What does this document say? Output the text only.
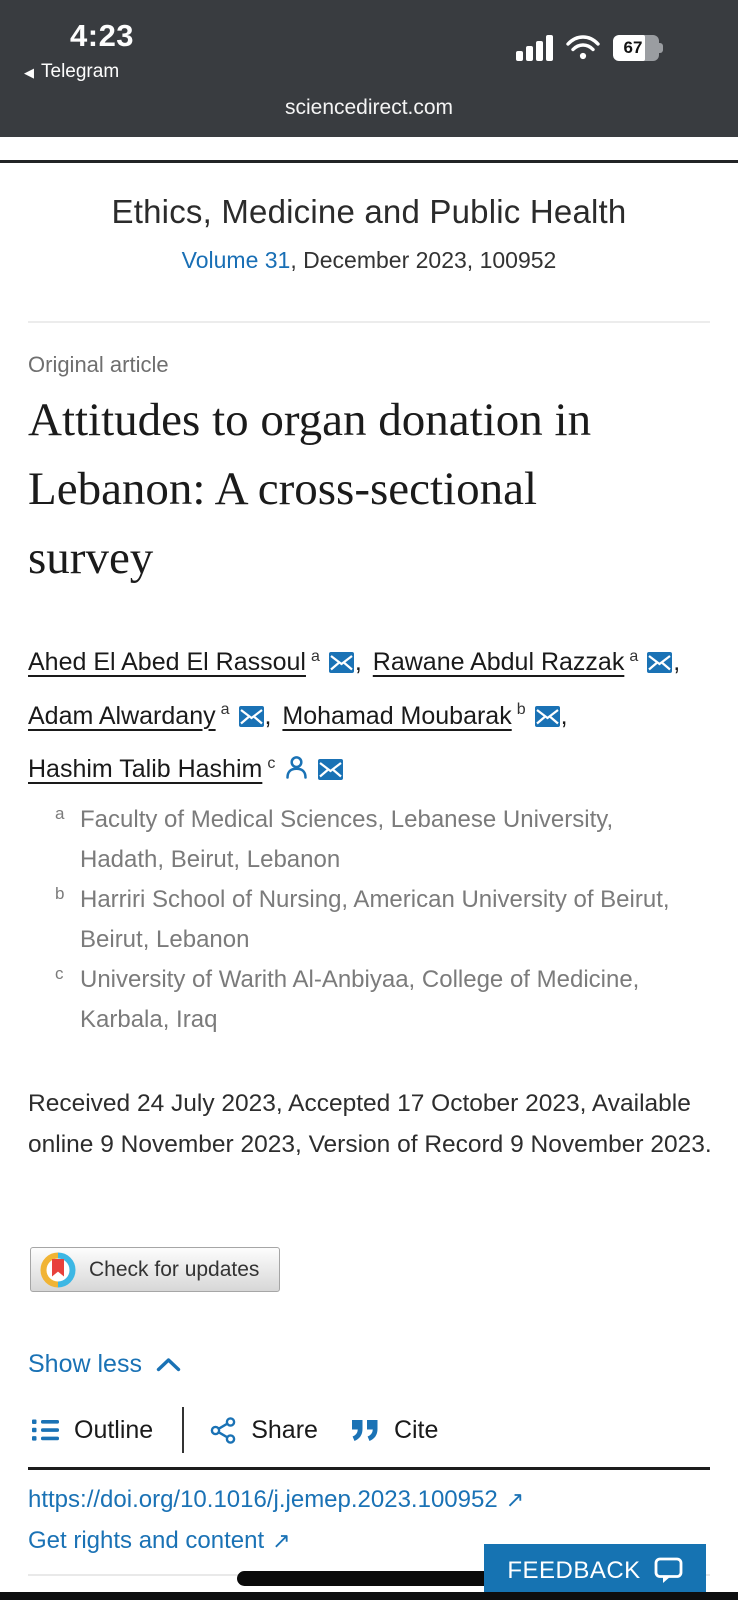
4:23
◀ Telegram
67
sciencedirect.com
Ethics, Medicine and Public Health
Volume 31, December 2023, 100952
Original article
Attitudes to organ donation in Lebanon: A cross-sectional survey
Ahed El Abed El Rassoul $^a$ , Rawane Abdul Razzak $^a$ , Adam Alwardany $^a$ , Mohamad Moubarak $^b$ , Hashim Talib Hashim $^c$
a Faculty of Medical Sciences, Lebanese University, Hadath, Beirut, Lebanon
b Harriri School of Nursing, American University of Beirut, Beirut, Lebanon
c University of Warith Al-Anbiyaa, College of Medicine, Karbala, Iraq

Received 24 July 2023, Accepted 17 October 2023, Available online 9 November 2023, Version of Record 9 November 2023.

Check for updates
Show less
Outline	Share	Cite
https://doi.org/10.1016/j.jemep.2023.100952 ↗
Get rights and content ↗
FEEDBACK
